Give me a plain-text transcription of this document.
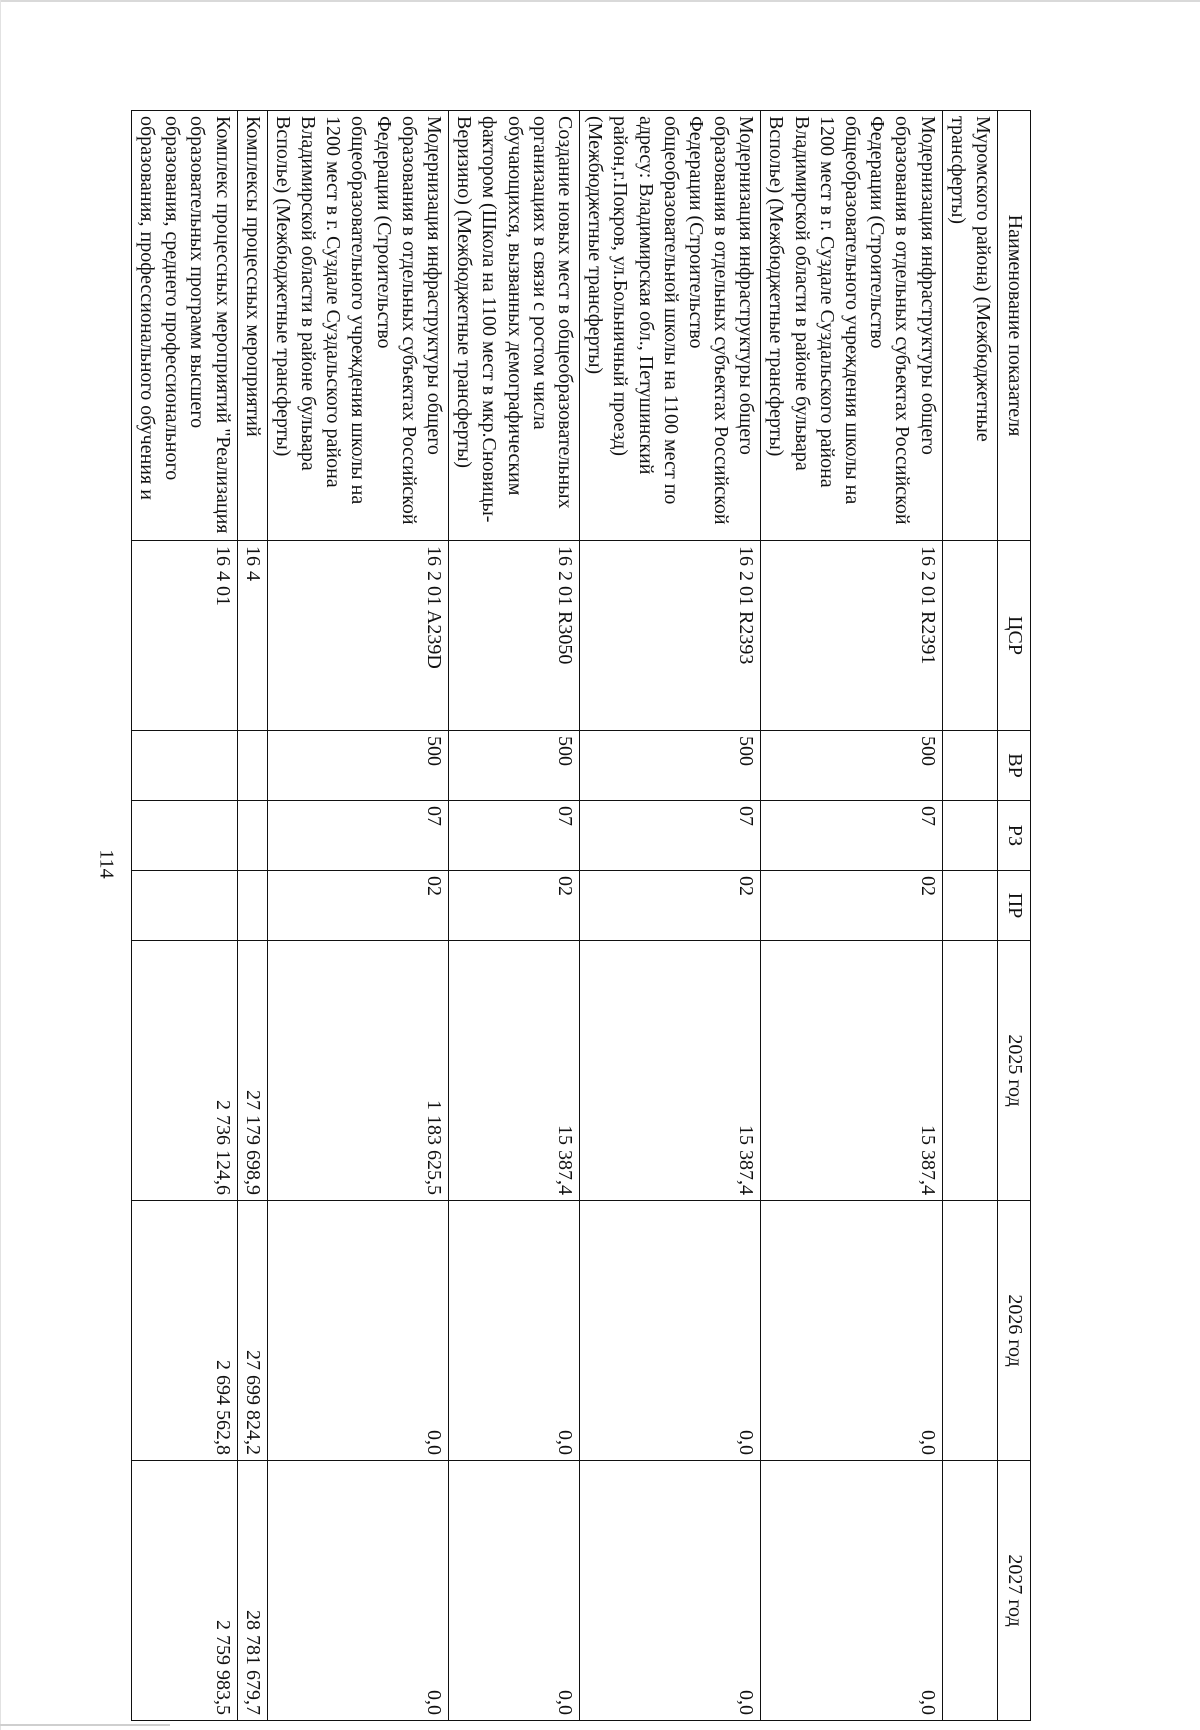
114
Наименование показателя	ЦСР	ВР	РЗ	ПР	2025 год	2026 год	2027 год
Муромского района) (Межбюджетные трансферты)							
Модернизация инфраструктуры общего образования в отдельных субъектах Российской Федерации (Строительство общеобразовательного учреждения школы на 1200 мест в г. Суздале Суздальского района Владимирской области в районе бульвара Всполье) (Межбюджетные трансферты)	16 2 01 R2391	500	07	02	15 387,4	0,0	0,0
Модернизация инфраструктуры общего образования в отдельных субъектах Российской Федерации (Строительство общеобразовательной школы на 1100 мест по адресу: Владимирская обл., Петушинский район,г.Покров, ул.Больничный проезд) (Межбюджетные трансферты)	16 2 01 R2393	500	07	02	15 387,4	0,0	0,0
Создание новых мест в общеобразовательных организациях в связи с ростом числа обучающихся, вызванных демографическим фактором (Школа на 1100 мест в мкр.Сновицы-Веризино) (Межбюджетные трансферты)	16 2 01 R3050	500	07	02	15 387,4	0,0	0,0
Модернизация инфраструктуры общего образования в отдельных субъектах Российской Федерации (Строительство общеобразовательного учреждения школы на 1200 мест в г. Суздале Суздальского района Владимирской области в районе бульвара Всполье) (Межбюджетные трансферты)	16 2 01 A239D	500	07	02	1 183 625,5	0,0	0,0
Комплексы процессных мероприятий	16 4				27 179 698,9	27 699 824,2	28 781 679,7
Комплекс процессных мероприятий "Реализация образовательных программ высшего образования, среднего профессионального образования, профессионального обучения и	16 4 01				2 736 124,6	2 694 562,8	2 759 983,5
